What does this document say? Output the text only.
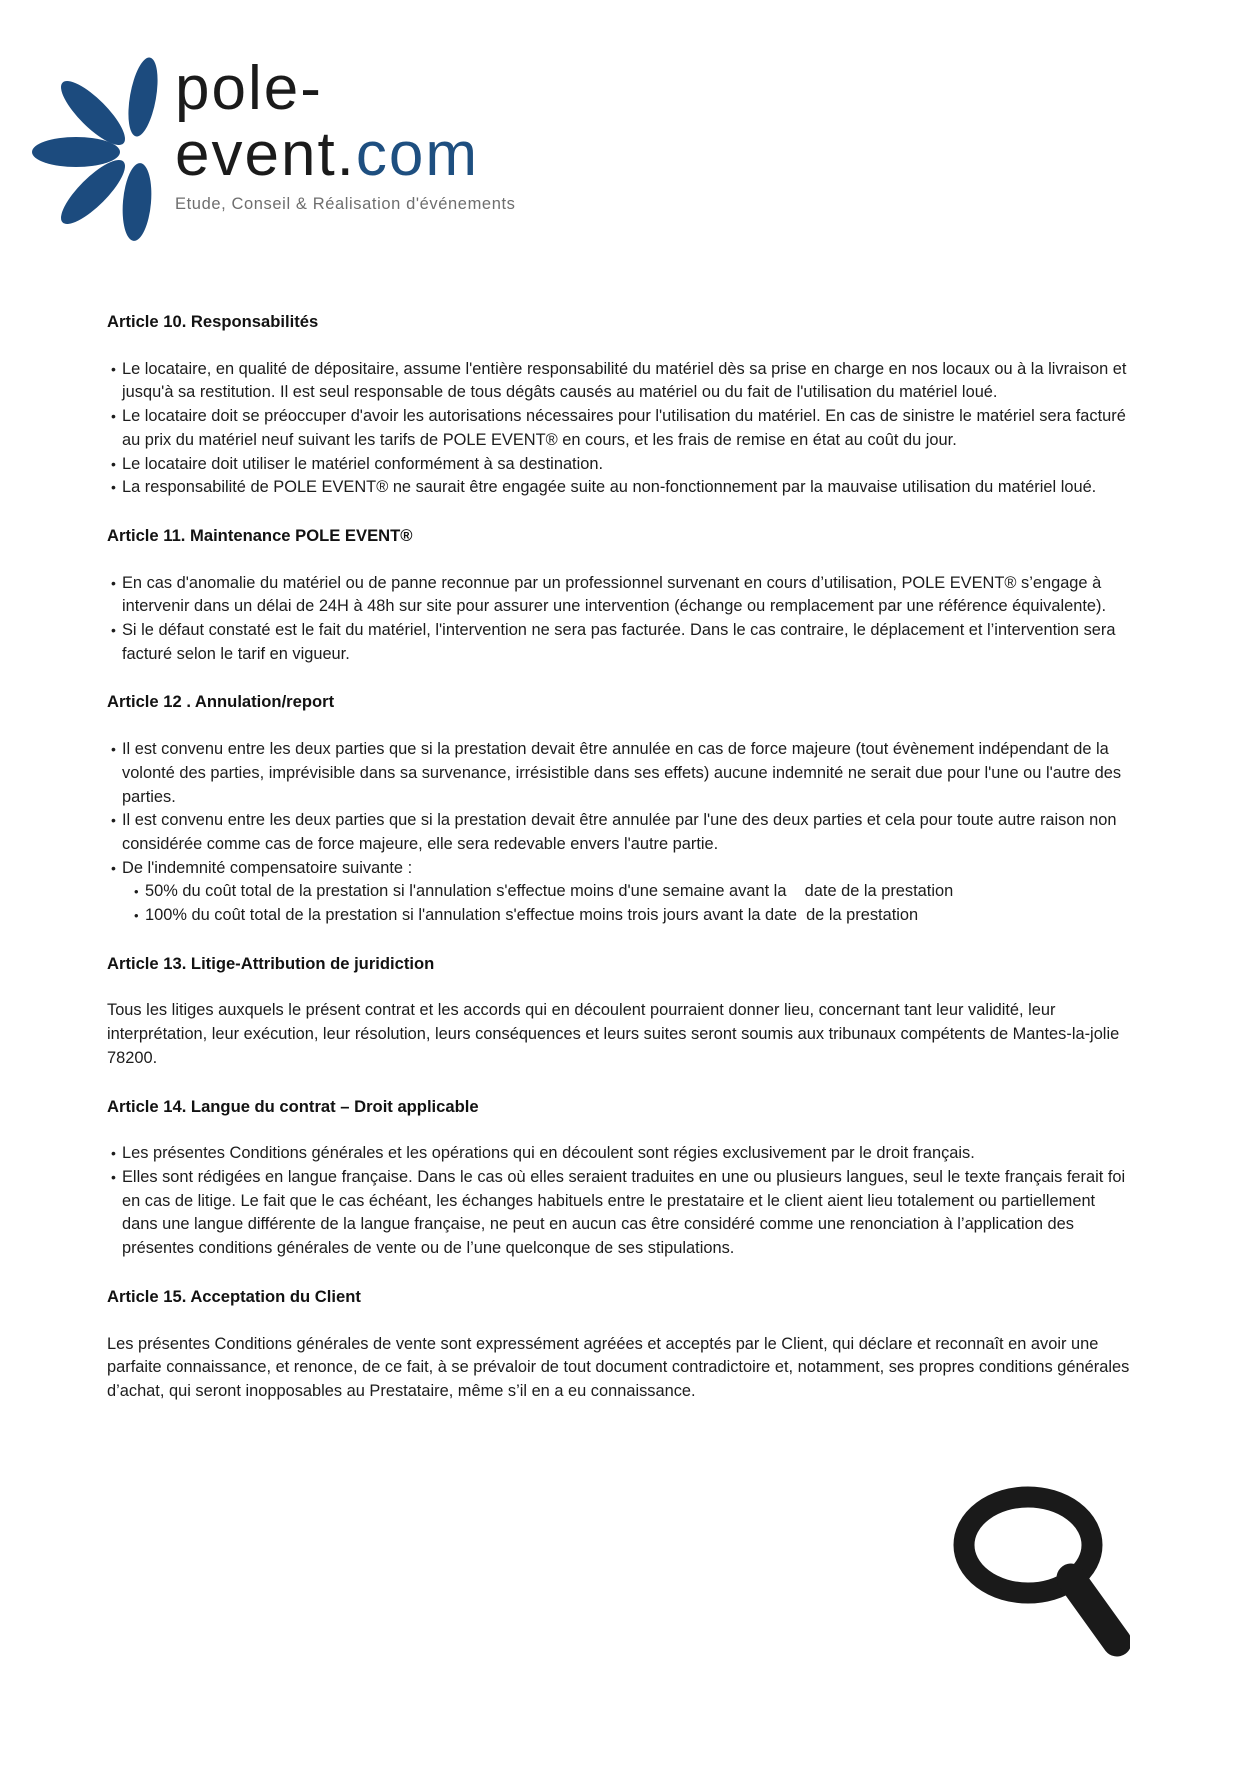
pole-
event.com
Etude, Conseil & Réalisation d'événements
Article 10. Responsabilités
• Le locataire, en qualité de dépositaire, assume l'entière responsabilité du matériel dès sa prise en charge en nos locaux ou à la livraison et jusqu'à sa restitution. Il est seul responsable de tous dégâts causés au matériel ou du fait de l'utilisation du matériel loué.
• Le locataire doit se préoccuper d'avoir les autorisations nécessaires pour l'utilisation du matériel. En cas de sinistre le matériel sera facturé au prix du matériel neuf suivant les tarifs de POLE EVENT® en cours, et les frais de remise en état au coût du jour.
• Le locataire doit utiliser le matériel conformément à sa destination.
• La responsabilité de POLE EVENT® ne saurait être engagée suite au non-fonctionnement par la mauvaise utilisation du matériel loué.
Article 11. Maintenance POLE EVENT®
• En cas d'anomalie du matériel ou de panne reconnue par un professionnel survenant en cours d’utilisation, POLE EVENT® s’engage à intervenir dans un délai de 24H à 48h sur site pour assurer une intervention (échange ou remplacement par une référence équivalente).
• Si le défaut constaté est le fait du matériel, l'intervention ne sera pas facturée. Dans le cas contraire, le déplacement et l’intervention sera facturé selon le tarif en vigueur.
Article 12 . Annulation/report
• Il est convenu entre les deux parties que si la prestation devait être annulée en cas de force majeure (tout évènement indépendant de la volonté des parties, imprévisible dans sa survenance, irrésistible dans ses effets) aucune indemnité ne serait due pour l'une ou l'autre des parties.
• Il est convenu entre les deux parties que si la prestation devait être annulée par l'une des deux parties et cela pour toute autre raison non considérée comme cas de force majeure, elle sera redevable envers l'autre partie.
• De l'indemnité compensatoire suivante :
• 50% du coût total de la prestation si l'annulation s'effectue moins d'une semaine avant la    date de la prestation
• 100% du coût total de la prestation si l'annulation s'effectue moins trois jours avant la date  de la prestation
Article 13. Litige-Attribution de juridiction

Tous les litiges auxquels le présent contrat et les accords qui en découlent pourraient donner lieu, concernant tant leur validité, leur interprétation, leur exécution, leur résolution, leurs conséquences et leurs suites seront soumis aux tribunaux compétents de Mantes-la-jolie 78200.

Article 14. Langue du contrat – Droit applicable
• Les présentes Conditions générales et les opérations qui en découlent sont régies exclusivement par le droit français.
• Elles sont rédigées en langue française. Dans le cas où elles seraient traduites en une ou plusieurs langues, seul le texte français ferait foi en cas de litige. Le fait que le cas échéant, les échanges habituels entre le prestataire et le client aient lieu totalement ou partiellement dans une langue différente de la langue française, ne peut en aucun cas être considéré comme une renonciation à l’application des présentes conditions générales de vente ou de l’une quelconque de ses stipulations.
Article 15. Acceptation du Client

Les présentes Conditions générales de vente sont expressément agréées et acceptés par le Client, qui déclare et reconnaît en avoir une parfaite connaissance, et renonce, de ce fait, à se prévaloir de tout document contradictoire et, notamment, ses propres conditions générales d’achat, qui seront inopposables au Prestataire, même s’il en a eu connaissance.
